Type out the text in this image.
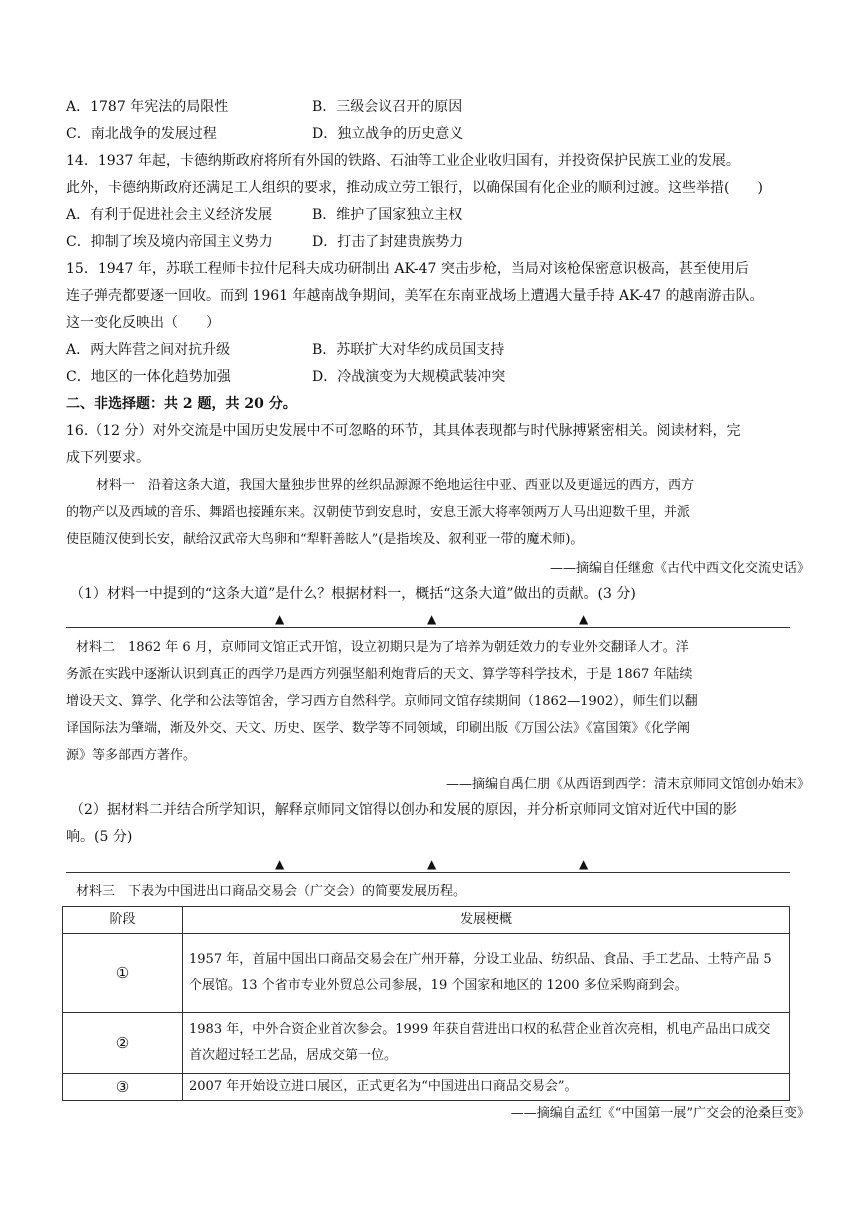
A．1787 年宪法的局限性	B．三级会议召开的原因
C．南北战争的发展过程	D．独立战争的历史意义
14．1937 年起，卡德纳斯政府将所有外国的铁路、石油等工业企业收归国有，并投资保护民族工业的发展。
此外，卡德纳斯政府还满足工人组织的要求，推动成立劳工银行，以确保国有化企业的顺利过渡。这些举措(　　)
A．有利于促进社会主义经济发展	B．维护了国家独立主权
C．抑制了埃及境内帝国主义势力	D．打击了封建贵族势力
15．1947 年，苏联工程师卡拉什尼科夫成功研制出 AK-47 突击步枪，当局对该枪保密意识极高，甚至使用后
连子弹壳都要逐一回收。而到 1961 年越南战争期间，美军在东南亚战场上遭遇大量手持 AK-47 的越南游击队。
这一变化反映出（　　）
A．两大阵营之间对抗升级	B．苏联扩大对华约成员国支持
C．地区的一体化趋势加强	D．冷战演变为大规模武装冲突
二、非选择题：共 2 题，共 20 分。
16.（12 分）对外交流是中国历史发展中不可忽略的环节，其具体表现都与时代脉搏紧密相关。阅读材料，完
成下列要求。
材料一　沿着这条大道，我国大量独步世界的丝织品源源不绝地运往中亚、西亚以及更遥远的西方，西方
的物产以及西域的音乐、舞蹈也接踵东来。汉朝使节到安息时，安息王派大将率领两万人马出迎数千里，并派
使臣随汉使到长安，献给汉武帝大鸟卵和“犁靬善眩人”(是指埃及、叙利亚一带的魔术师)。
——摘编自任继愈《古代中西文化交流史话》
（1）材料一中提到的“这条大道”是什么？根据材料一，概括“这条大道”做出的贡献。(3 分)
▲	▲	▲
材料二　1862 年 6 月，京师同文馆正式开馆，设立初期只是为了培养为朝廷效力的专业外交翻译人才。洋
务派在实践中逐渐认识到真正的西学乃是西方列强坚船利炮背后的天文、算学等科学技术，于是 1867 年陆续
增设天文、算学、化学和公法等馆舍，学习西方自然科学。京师同文馆存续期间（1862—1902），师生们以翻
译国际法为肇端，渐及外交、天文、历史、医学、数学等不同领域，印刷出版《万国公法》《富国策》《化学阐
源》等多部西方著作。
——摘编自禹仁朋《从西语到西学：清末京师同文馆创办始末》
（2）据材料二并结合所学知识，解释京师同文馆得以创办和发展的原因，并分析京师同文馆对近代中国的影
响。(5 分)
▲	▲	▲
材料三　下表为中国进出口商品交易会（广交会）的简要发展历程。
阶段	发展梗概
①	1957 年，首届中国出口商品交易会在广州开幕，分设工业品、纺织品、食品、手工艺品、土特产品 5 个展馆。13 个省市专业外贸总公司参展，19 个国家和地区的 1200 多位采购商到会。
②	1983 年，中外合资企业首次参会。1999 年获自营进出口权的私营企业首次亮相，机电产品出口成交首次超过轻工艺品，居成交第一位。
③	2007 年开始设立进口展区，正式更名为“中国进出口商品交易会”。
——摘编自孟红《“中国第一展”广交会的沧桑巨变》
